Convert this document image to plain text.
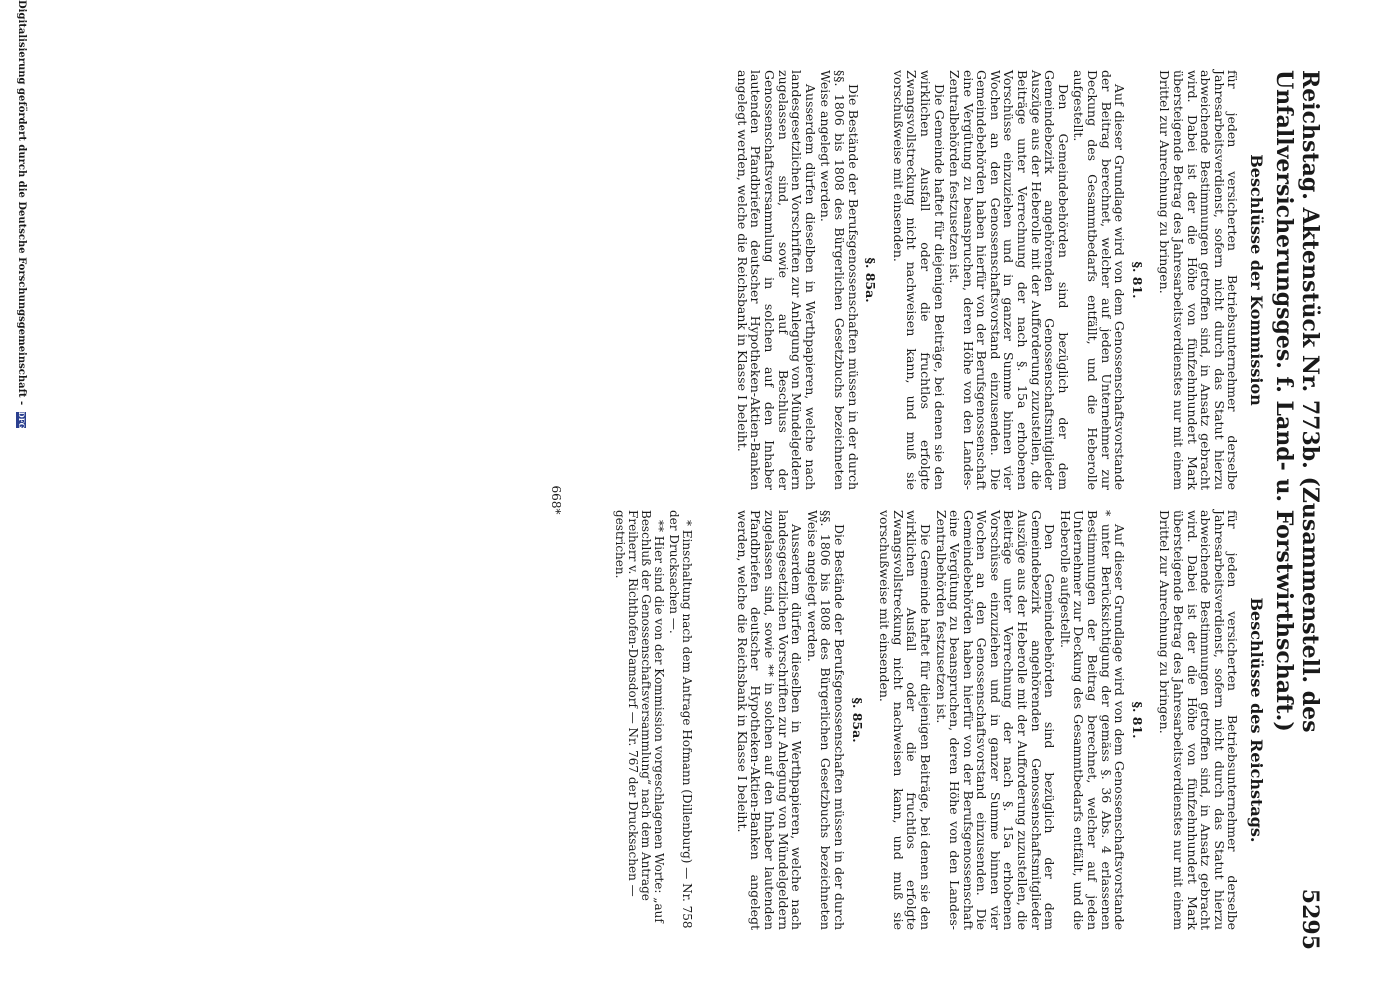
Reichstag. Aktenstück Nr. 773b. (Zusammenstell. des Unfallversicherungsges. f. Land- u. Forstwirthschaft.)
5295
Beschlüsse der Kommission

für jeden versicherten Betriebsunternehmer derselbe Jahresarbeitsverdienst, sofern nicht durch das Statut hierzu abweichende Bestimmungen getroffen sind, in Ansatz gebracht wird. Dabei ist der die Höhe von fünfzehnhundert Mark übersteigende Betrag des Jahresarbeitsverdienstes nur mit einem Drittel zur Anrechnung zu bringen.

§. 81.

Auf dieser Grundlage wird von dem Genossenschaftsvorstande der Beitrag berechnet, welcher auf jeden Unternehmer zur Deckung des Gesammtbedarfs entfällt, und die Heberolle aufgestellt.

Den Gemeindebehörden sind bezüglich der dem Gemeindebezirk angehörenden Genossenschaftsmitglieder Auszüge aus der Heberolle mit der Aufforderung zuzustellen, die Beiträge unter Verrechnung der nach §. 15a erhobenen Vorschüsse einzuziehen und in ganzer Summe binnen vier Wochen an den Genossenschaftsvorstand einzusenden. Die Gemeindebehörden haben hierfür von der Berufsgenossenschaft eine Vergütung zu beanspruchen, deren Höhe von den Landes-Zentralbehörden festzusetzen ist.

Die Gemeinde haftet für diejenigen Beiträge, bei denen sie den wirklichen Ausfall oder die fruchtlos erfolgte Zwangsvollstreckung nicht nachweisen kann, und muß sie vorschußweise mit einsenden.

§. 85a.

Die Bestände der Berufsgenossenschaften müssen in der durch §§. 1806 bis 1808 des Bürgerlichen Gesetzbuchs bezeichneten Weise angelegt werden.

Ausserdem dürfen dieselben in Werthpapieren, welche nach landesgesetzlichen Vorschriften zur Anlegung von Mündelgeldern zugelassen sind, sowie auf Beschluss der Genossenschaftsversammlung in solchen auf den Inhaber lautenden Pfandbriefen deutscher Hypotheken-Aktien-Banken angelegt werden, welche die Reichsbank in Klasse I beleiht.

Beschlüsse des Reichstags.

für jeden versicherten Betriebsunternehmer derselbe Jahresarbeitsverdienst, sofern nicht durch das Statut hierzu abweichende Bestimmungen getroffen sind, in Ansatz gebracht wird. Dabei ist der die Höhe von fünfzehnhundert Mark übersteigende Betrag des Jahresarbeitsverdienstes nur mit einem Drittel zur Anrechnung zu bringen.

§. 81.

Auf dieser Grundlage wird von dem Genossenschaftsvorstande * unter Berücksichtigung der gemäss §. 36 Abs. 4 erlassenen Bestimmungen der Beitrag berechnet, welcher auf jeden Unternehmer zur Deckung des Gesammtbedarfs entfällt, und die Heberolle aufgestellt.

Den Gemeindebehörden sind bezüglich der dem Gemeindebezirk angehörenden Genossenschaftsmitglieder Auszüge aus der Heberolle mit der Aufforderung zuzustellen, die Beiträge unter Verrechnung der nach §. 15a erhobenen Vorschüsse einzuziehen und in ganzer Summe binnen vier Wochen an den Genossenschaftsvorstand einzusenden. Die Gemeindebehörden haben hierfür von der Berufsgenossenschaft eine Vergütung zu beanspruchen, deren Höhe von den Landes-Zentralbehörden festzusetzen ist.

Die Gemeinde haftet für diejenigen Beiträge, bei denen sie den wirklichen Ausfall oder die fruchtlos erfolgte Zwangsvollstreckung nicht nachweisen kann, und muß sie vorschußweise mit einsenden.

§. 85a.

Die Bestände der Berufsgenossenschaften müssen in der durch §§. 1806 bis 1808 des Bürgerlichen Gesetzbuchs bezeichneten Weise angelegt werden.

Ausserdem dürfen dieselben in Werthpapieren, welche nach landesgesetzlichen Vorschriften zur Anlegung von Mündelgeldern zugelassen sind, sowie ** in solchen auf den Inhaber lautenden Pfandbriefen deutscher Hypotheken-Aktien-Banken angelegt werden, welche die Reichsbank in Klasse I beleiht.

* Einschaltung nach dem Antrage Hofmann (Dillenburg) — Nr. 758 der Drucksachen —.

** Hier sind die von der Kommission vorgeschlagenen Worte: „auf Beschluß der Genossenschaftsversammlung“ nach dem Antrage Freiherr v. Richthofen-Damsdorf — Nr. 767 der Drucksachen — gestrichen.

668*
Digitalisierung gefördert durch die Deutsche Forschungsgemeinschaft - DFG
